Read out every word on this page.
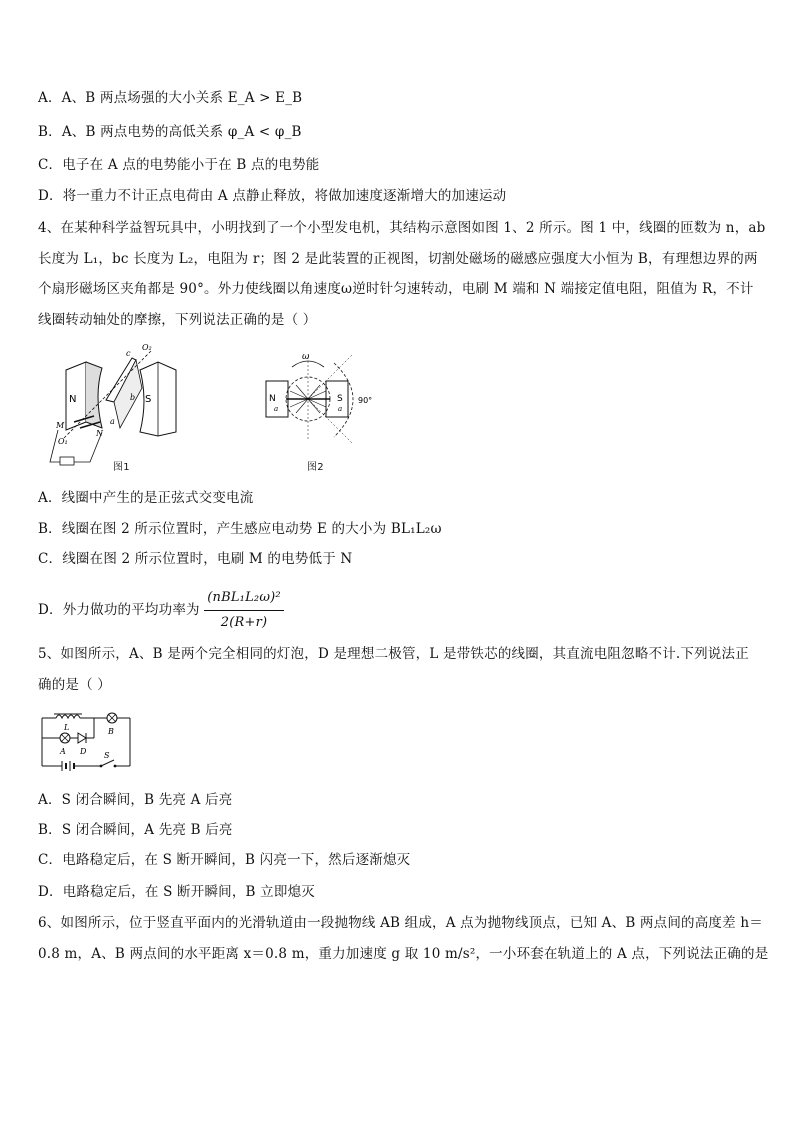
A．A、B 两点场强的大小关系 E_A > E_B
B．A、B 两点电势的高低关系 φ_A < φ_B
C．电子在 A 点的电势能小于在 B 点的电势能
D．将一重力不计正点电荷由 A 点静止释放，将做加速度逐渐增大的加速运动
4、在某种科学益智玩具中，小明找到了一个小型发电机，其结构示意图如图 1、2 所示。图 1 中，线圈的匝数为 n，ab
长度为 L₁，bc 长度为 L₂，电阻为 r；图 2 是此装置的正视图，切割处磁场的磁感应强度大小恒为 B，有理想边界的两
个扇形磁场区夹角都是 90°。外力使线圈以角速度ω逆时针匀速转动，电刷 M 端和 N 端接定值电阻，阻值为 R，不计
线圈转动轴处的摩擦，下列说法正确的是（ ）
N	S
O₂
c
b
a
M
N
O₁
图1
N	S
ω
a	a
90°
图2
A．线圈中产生的是正弦式交变电流
B．线圈在图 2 所示位置时，产生感应电动势 E 的大小为 BL₁L₂ω
C．线圈在图 2 所示位置时，电刷 M 的电势低于 N
D．外力做功的平均功率为 $\frac{\text{(nBL₁L₂ω)²}}{2(R+r)}$
5、如图所示，A、B 是两个完全相同的灯泡，D 是理想二极管，L 是带铁芯的线圈，其直流电阻忽略不计.下列说法正
确的是（ ）
L	B
A D S
A．S 闭合瞬间，B 先亮 A 后亮
B．S 闭合瞬间，A 先亮 B 后亮
C．电路稳定后，在 S 断开瞬间，B 闪亮一下，然后逐渐熄灭
D．电路稳定后，在 S 断开瞬间，B 立即熄灭
6、如图所示，位于竖直平面内的光滑轨道由一段抛物线 AB 组成，A 点为抛物线顶点，已知 A、B 两点间的高度差 h＝
0.8 m，A、B 两点间的水平距离 x＝0.8 m，重力加速度 g 取 10 m/s²，一小环套在轨道上的 A 点，下列说法正确的是
